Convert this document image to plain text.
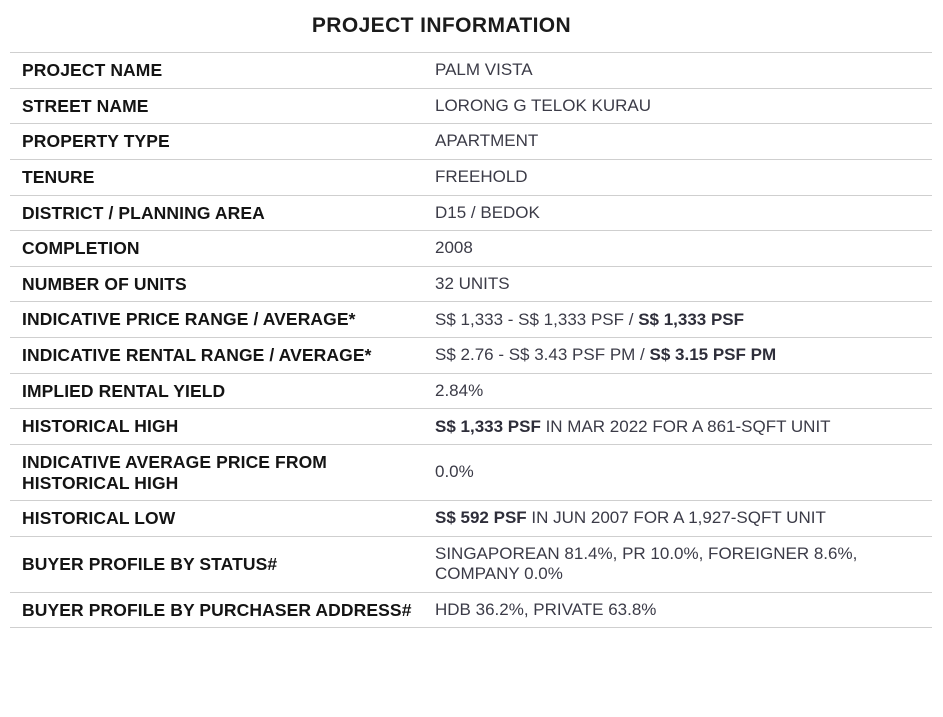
PROJECT INFORMATION
PROJECT NAME	PALM VISTA
STREET NAME	LORONG G TELOK KURAU
PROPERTY TYPE	APARTMENT
TENURE	FREEHOLD
DISTRICT / PLANNING AREA	D15 / BEDOK
COMPLETION	2008
NUMBER OF UNITS	32 UNITS
INDICATIVE PRICE RANGE / AVERAGE*	S$ 1,333 - S$ 1,333 PSF / S$ 1,333 PSF
INDICATIVE RENTAL RANGE / AVERAGE*	S$ 2.76 - S$ 3.43 PSF PM / S$ 3.15 PSF PM
IMPLIED RENTAL YIELD	2.84%
HISTORICAL HIGH	S$ 1,333 PSF IN MAR 2022 FOR A 861-SQFT UNIT
INDICATIVE AVERAGE PRICE FROM HISTORICAL HIGH	0.0%
HISTORICAL LOW	S$ 592 PSF IN JUN 2007 FOR A 1,927-SQFT UNIT
BUYER PROFILE BY STATUS#	SINGAPOREAN 81.4%, PR 10.0%, FOREIGNER 8.6%, COMPANY 0.0%
BUYER PROFILE BY PURCHASER ADDRESS#	HDB 36.2%, PRIVATE 63.8%
